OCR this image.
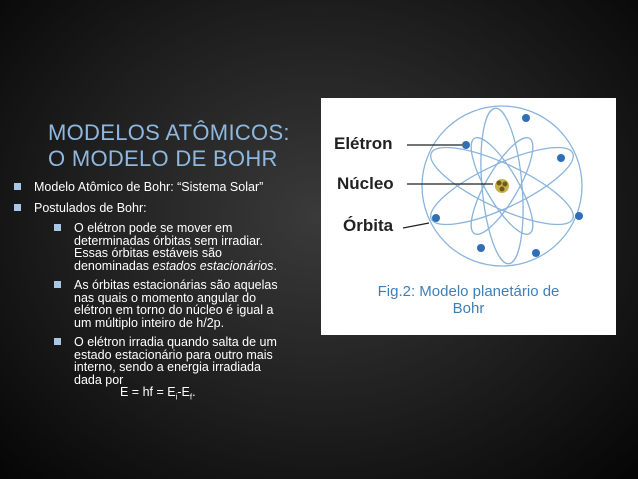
MODELOS ATÔMICOS:
O MODELO DE BOHR
Modelo Atômico de Bohr: “Sistema Solar”
Postulados de Bohr:
O elétron pode se mover em
determinadas órbitas sem irradiar.
Essas órbitas estáveis são
denominadas estados estacionários.
As órbitas estacionárias são aquelas
nas quais o momento angular do
elétron em torno do núcleo é igual a
um múltiplo inteiro de h/2p.
O elétron irradia quando salta de um
estado estacionário para outro mais
interno, sendo a energia irradiada
dada por
E = hf = $E_i-E_f$.
Elétron
Núcleo
Órbita
Fig.2: Modelo planetário de
Bohr
